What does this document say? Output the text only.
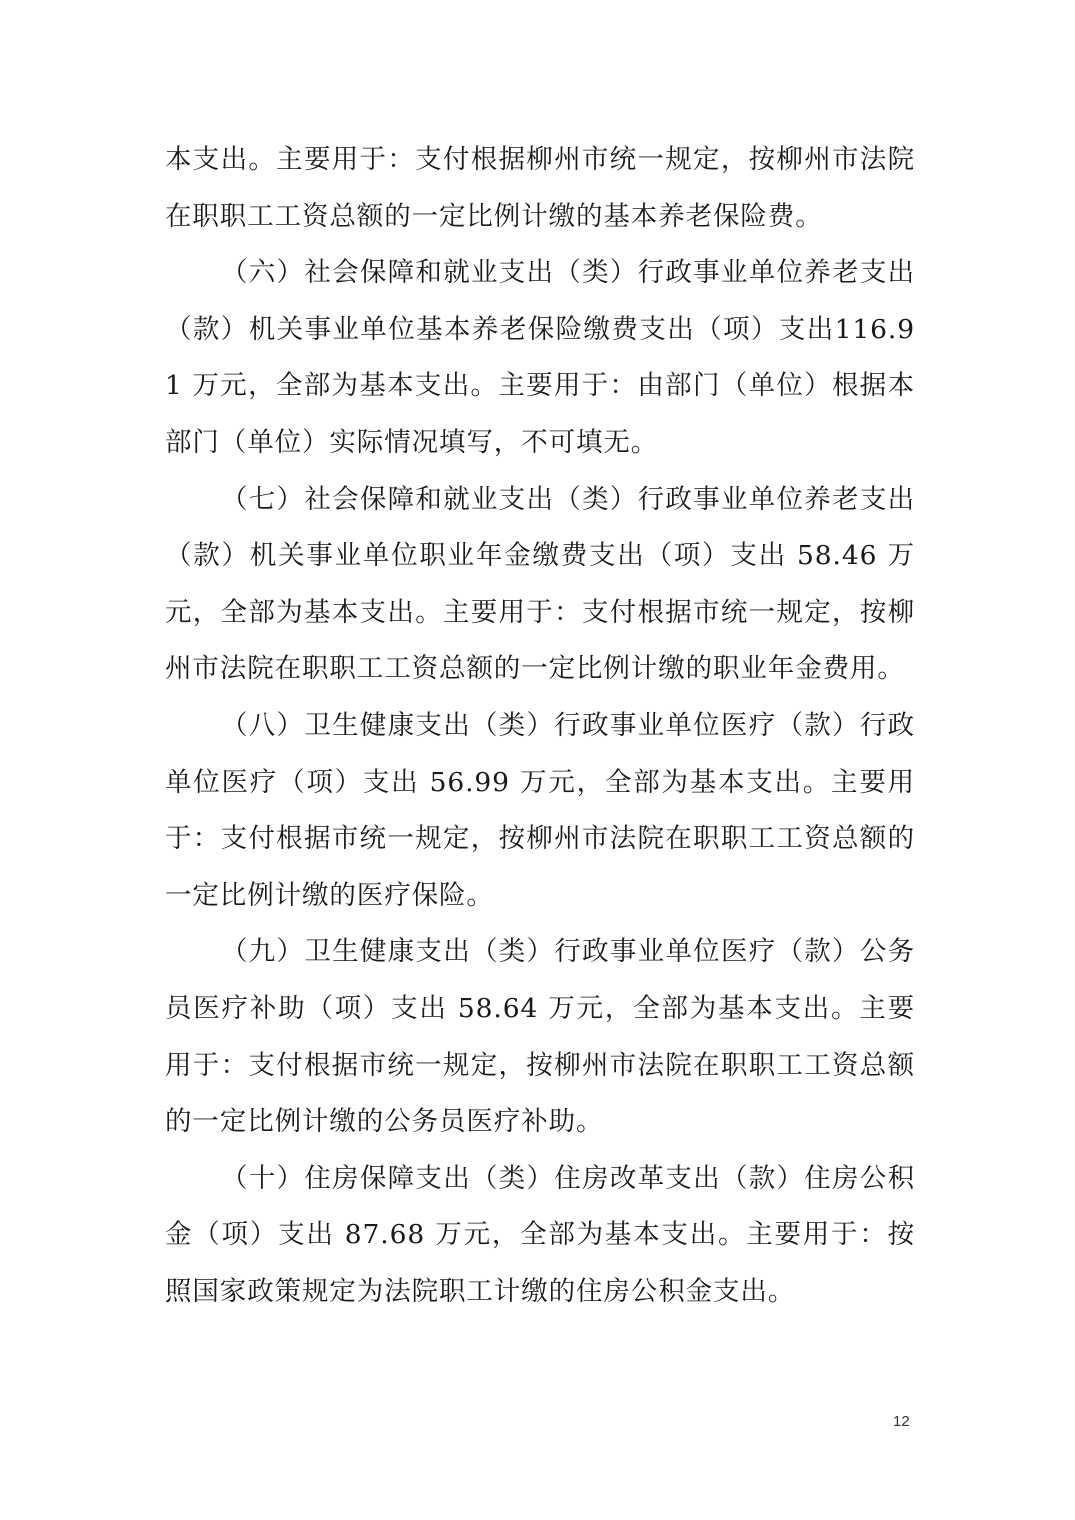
本支出。主要用于：支付根据柳州市统一规定，按柳州市法院在职职工工资总额的一定比例计缴的基本养老保险费。

（六）社会保障和就业支出（类）行政事业单位养老支出（款）机关事业单位基本养老保险缴费支出（项）支出116.91 万元，全部为基本支出。主要用于：由部门（单位）根据本部门（单位）实际情况填写，不可填无。

（七）社会保障和就业支出（类）行政事业单位养老支出（款）机关事业单位职业年金缴费支出（项）支出 58.46 万元，全部为基本支出。主要用于：支付根据市统一规定，按柳州市法院在职职工工资总额的一定比例计缴的职业年金费用。

（八）卫生健康支出（类）行政事业单位医疗（款）行政单位医疗（项）支出 56.99 万元，全部为基本支出。主要用于：支付根据市统一规定，按柳州市法院在职职工工资总额的一定比例计缴的医疗保险。

（九）卫生健康支出（类）行政事业单位医疗（款）公务员医疗补助（项）支出 58.64 万元，全部为基本支出。主要用于：支付根据市统一规定，按柳州市法院在职职工工资总额的一定比例计缴的公务员医疗补助。

（十）住房保障支出（类）住房改革支出（款）住房公积金（项）支出 87.68 万元，全部为基本支出。主要用于：按照国家政策规定为法院职工计缴的住房公积金支出。

12
